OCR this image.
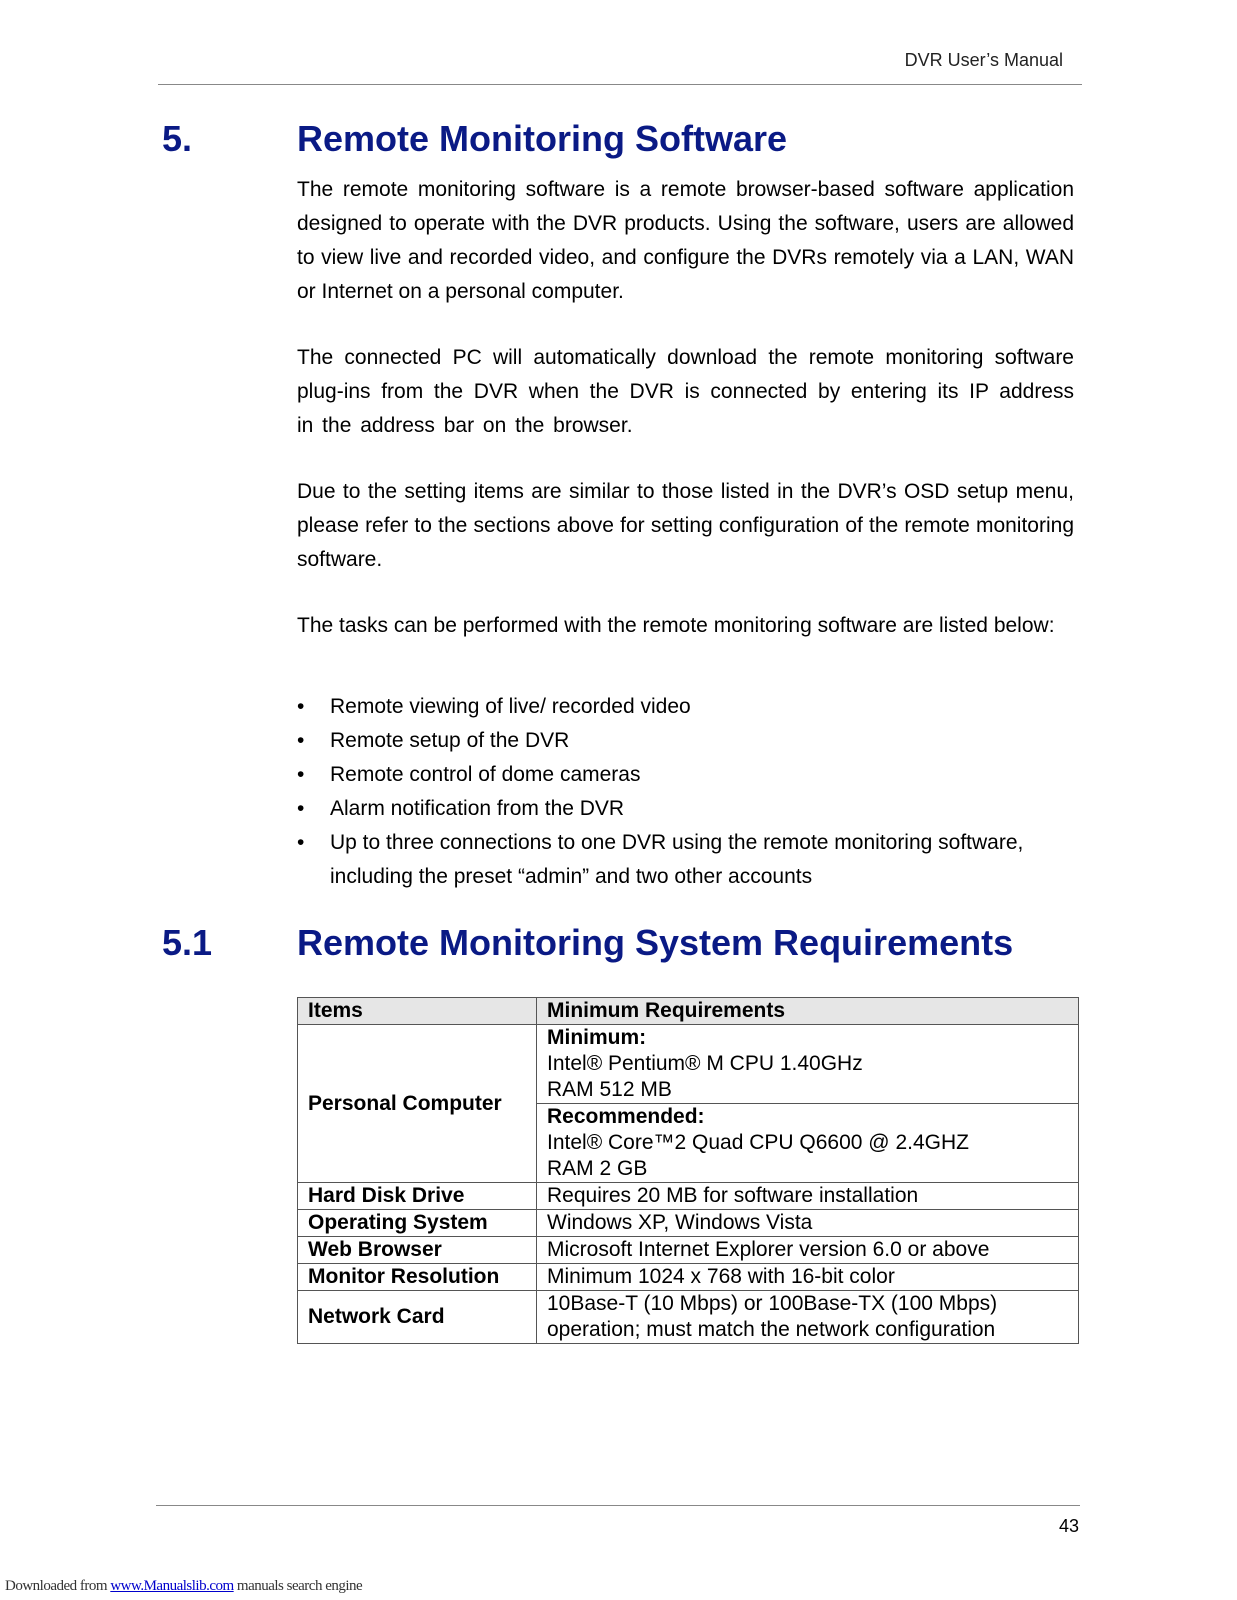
DVR User’s Manual
5.	Remote Monitoring Software

The remote monitoring software is a remote browser-based software application designed to operate with the DVR products. Using the software, users are allowed to view live and recorded video, and configure the DVRs remotely via a LAN, WAN or Internet on a personal computer.

The connected PC will automatically download the remote monitoring software plug-ins from the DVR when the DVR is connected by entering its IP address in the address bar on the browser.

Due to the setting items are similar to those listed in the DVR’s OSD setup menu, please refer to the sections above for setting configuration of the remote monitoring software.

The tasks can be performed with the remote monitoring software are listed below:

• Remote viewing of live/ recorded video
• Remote setup of the DVR
• Remote control of dome cameras
• Alarm notification from the DVR
• Up to three connections to one DVR using the remote monitoring software, including the preset “admin” and two other accounts
5.1 Remote Monitoring System Requirements
Items	Minimum Requirements
Personal Computer	Minimum:
Intel® Pentium® M CPU 1.40GHz
RAM 512 MB

	Recommended:
Intel® Core™2 Quad CPU Q6600 @ 2.4GHZ
RAM 2 GB

Hard Disk Drive	Requires 20 MB for software installation
Operating System	Windows XP, Windows Vista
Web Browser	Microsoft Internet Explorer version 6.0 or above
Monitor Resolution	Minimum 1024 x 768 with 16-bit color
Network Card	10Base-T (10 Mbps) or 100Base-TX (100 Mbps)
operation; must match the network configuration
43
Downloaded from www.Manualslib.com manuals search engine
